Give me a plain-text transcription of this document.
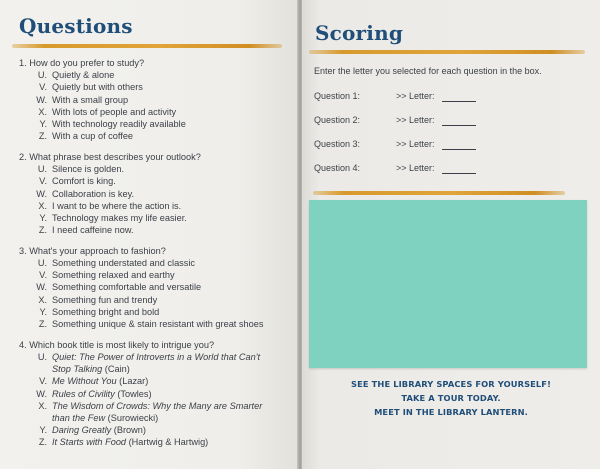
Questions
1. How do you prefer to study?
U. Quietly & alone
V. Quietly but with others
W. With a small group
X. With lots of people and activity
Y. With technology readily available
Z. With a cup of coffee
2. What phrase best describes your outlook?
U. Silence is golden.
V. Comfort is king.
W. Collaboration is key.
X. I want to be where the action is.
Y. Technology makes my life easier.
Z. I need caffeine now.
3. What's your approach to fashion?
U. Something understated and classic
V. Something relaxed and earthy
W. Something comfortable and versatile
X. Something fun and trendy
Y. Something bright and bold
Z. Something unique & stain resistant with great shoes
4. Which book title is most likely to intrigue you?
U. Quiet: The Power of Introverts in a World that Can't
Stop Talking (Cain)
V. Me Without You (Lazar)
W. Rules of Civility (Towles)
X. The Wisdom of Crowds: Why the Many are Smarter
than the Few (Surowiecki)
Y. Daring Greatly (Brown)
Z. It Starts with Food (Hartwig & Hartwig)
Scoring
Enter the letter you selected for each question in the box.
Question 1:	>> Letter:
Question 2:	>> Letter:
Question 3:	>> Letter:
Question 4:	>> Letter:
SEE THE LIBRARY SPACES FOR YOURSELF!
TAKE A TOUR TODAY.
MEET IN THE LIBRARY LANTERN.
